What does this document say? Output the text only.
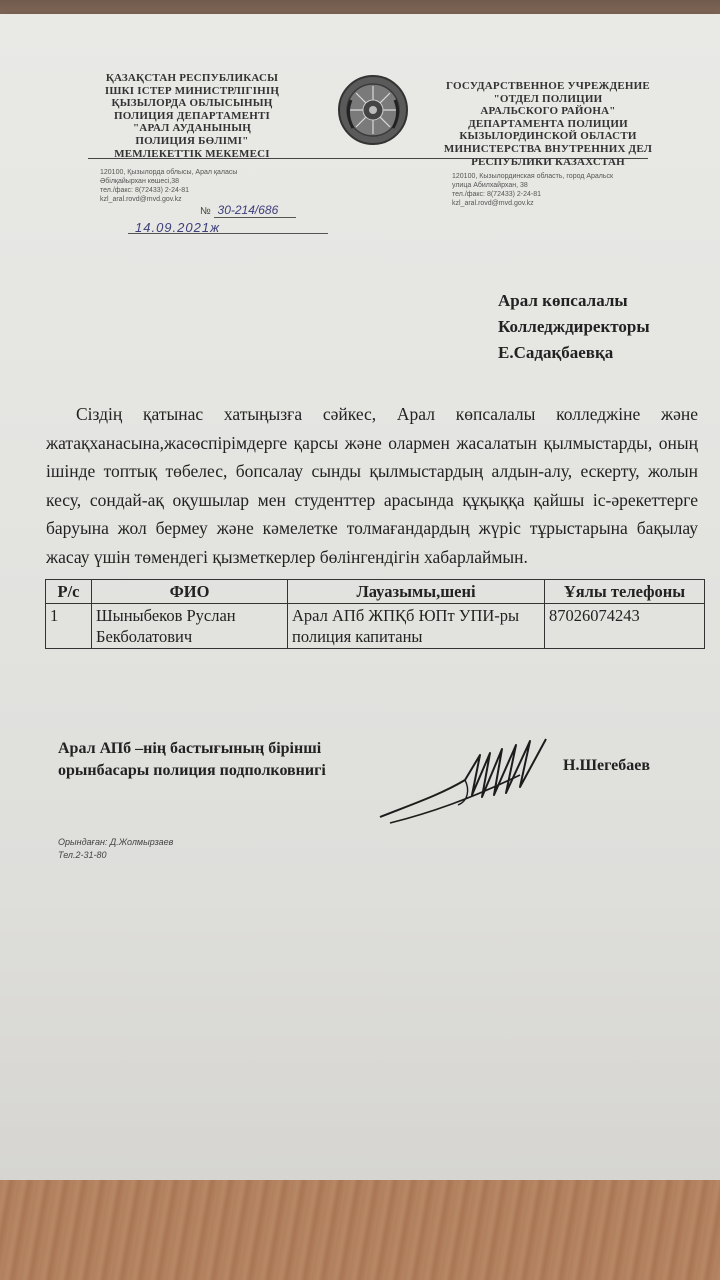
ҚАЗАҚСТАН РЕСПУБЛИКАСЫ
ІШКІ ІСТЕР МИНИСТРЛІГІНІҢ
ҚЫЗЫЛОРДА ОБЛЫСЫНЫҢ
ПОЛИЦИЯ ДЕПАРТАМЕНТІ
"АРАЛ АУДАНЫНЫҢ
ПОЛИЦИЯ БӨЛІМІ"
МЕМЛЕКЕТТІК МЕКЕМЕСІ
ГОСУДАРСТВЕННОЕ УЧРЕЖДЕНИЕ
"ОТДЕЛ ПОЛИЦИИ
АРАЛЬСКОГО РАЙОНА"
ДЕПАРТАМЕНТА ПОЛИЦИИ
КЫЗЫЛОРДИНСКОЙ ОБЛАСТИ
МИНИСТЕРСТВА ВНУТРЕННИХ ДЕЛ
РЕСПУБЛИКИ КАЗАХСТАН
120100, Қызылорда облысы, Арал қаласы
Әбілқайырхан көшесі,38
тел./факс: 8(72433) 2-24-81
kzl_aral.rovd@mvd.gov.kz
120100, Кызылординская область, город Аральск
улица Абилхайрхан, 38
тел./факс: 8(72433) 2-24-81
kzl_aral.rovd@mvd.gov.kz
№ 30-214/686
14.09.2021ж
Арал көпсалалы
Колледждиректоры
Е.Садақбаевқа
Сіздің қатынас хатыңызға сәйкес, Арал көпсалалы колледжіне және жатақханасына,жасөспірімдерге қарсы және олармен жасалатын қылмыстарды, оның ішінде топтық төбелес, бопсалау сынды қылмыстардың алдын-алу, ескерту, жолын кесу, сондай-ақ оқушылар мен студенттер арасында құқыққа қайшы іс-әрекеттерге баруына жол бермеу және кәмелетке толмағандардың жүріс тұрыстарына бақылау жасау үшін төмендегі қызметкерлер бөлінгендігін хабарлаймын.
Р/с	ФИО	Лауазымы,шені	Ұялы телефоны
1	Шыныбеков Руслан Бекболатович	Арал АПб ЖПҚб ЮПт УПИ-ры полиция капитаны	87026074243
Арал АПб –нің бастығының бірінші
орынбасары полиция подполковнигі	Н.Шегебаев
Орындаған: Д.Жолмырзаев
Тел.2-31-80
